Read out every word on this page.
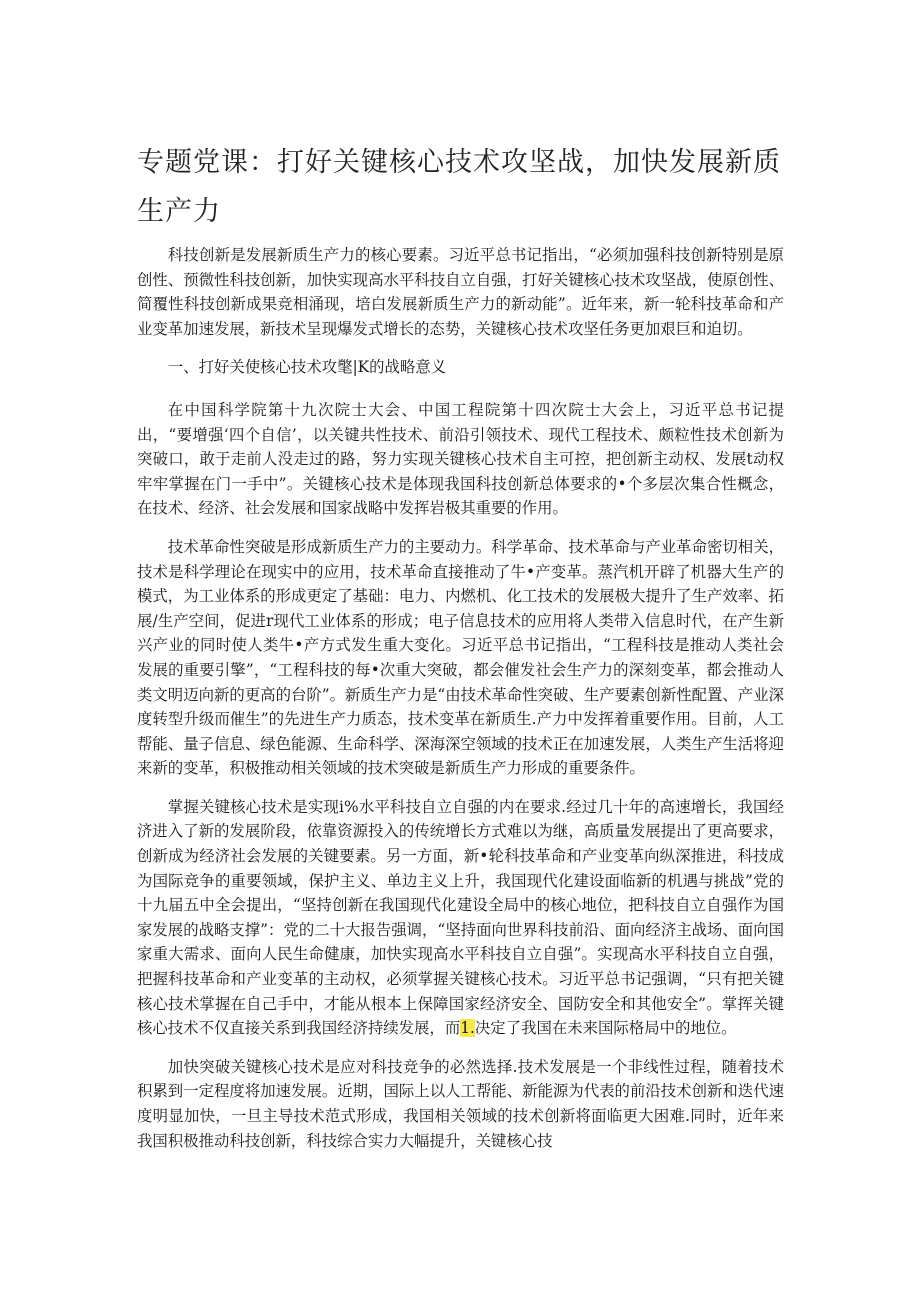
专题党课：打好关键核心技术攻坚战，加快发展新质生产力

科技创新是发展新质生产力的核心要素。习近平总书记指出，“必须加强科技创新特别是原创性、预微性科技创新，加快实现高水平科技自立自强，打好关键核心技术攻坚战，使原创性、简覆性科技创新成果竞相涌现，培白发展新质生产力的新动能”。近年来，新一轮科技革命和产业变革加速发展，新技术呈现爆发式增长的态势，关键核心技术攻坚任务更加艰巨和迫切。

一、打好关使核心技术攻氅|K的战略意义

在中国科学院第十九次院士大会、中国工程院第十四次院士大会上，习近平总书记提出，“要增强‘四个自信’，以关键共性技术、前沿引领技术、现代工程技术、颇粒性技术创新为突破口，敢于走前人没走过的路，努力实现关键核心技术自主可控，把创新主动权、发展t动权牢牢掌握在门一手中”。关键核心技术是体现我国科技创新总体要求的•个多层次集合性概念，在技术、经济、社会发展和国家战略中发挥岩极其重要的作用。

技术革命性突破是形成新质生产力的主要动力。科学革命、技术革命与产业革命密切相关，技术是科学理论在现实中的应用，技术革命直接推动了牛•产变革。蒸汽机开辟了机器大生产的模式，为工业体系的形成更定了基础：电力、内燃机、化工技术的发展极大提升了生产效率、拓展/生产空间，促进r现代工业体系的形成；电子信息技术的应用将人类带入信息时代，在产生新兴产业的同时使人类牛•产方式发生重大变化。习近平总书记指出，“工程科技是推动人类社会发展的重要引擎”，“工程科技的每•次重大突破，都会催发社会生产力的深刻变革，都会推动人类文明迈向新的更高的台阶”。新质生产力是“由技术革命性突破、生产要素创新性配置、产业深度转型升级而催生”的先进生产力质态，技术变革在新质生.产力中发挥着重要作用。目前，人工帮能、量子信息、绿色能源、生命科学、深海深空领域的技术正在加速发展，人类生产生活将迎来新的变革，积极推动相关领域的技术突破是新质生产力形成的重要条件。

掌握关键核心技术是实现i%水平科技自立自强的内在要求.经过几十年的高速增长，我国经济进入了新的发展阶段，依靠资源投入的传统增长方式难以为继，高质量发展提出了更高要求，创新成为经济社会发展的关键要素。另一方面，新•轮科技革命和产业变革向纵深推进，科技成为国际竞争的重要领域，保护主义、单边主义上升，我国现代化建设面临新的机遇与挑战”党的十九届五中全会提出，“坚持创新在我国现代化建设全局中的核心地位，把科技自立自强作为国家发展的战略支撑”：党的二十大报告强调，“坚持面向世界科技前沿、面向经济主战场、面向国家重大需求、面向人民生命健康，加快实现高水平科技自立自强”。实现高水平科技自立自强，把握科技革命和产业变革的主动权，必须掌握关键核心技术。习近平总书记强调，“只有把关键核心技术掌握在自己手中，才能从根本上保障国家经济安全、国防安全和其他安全”。掌挥关键核心技术不仅直接关系到我国经济持续发展，而1.决定了我国在未来国际格局中的地位。

加快突破关键核心技术是应对科技竞争的必然选择.技术发展是一个非线性过程，随着技术积累到一定程度将加速发展。近期，国际上以人工帮能、新能源为代表的前沿技术创新和迭代速度明显加快，一旦主导技术范式形成，我国相关领域的技术创新将面临更大困难.同时，近年来我国积极推动科技创新，科技综合实力大幅提升，关键核心技
